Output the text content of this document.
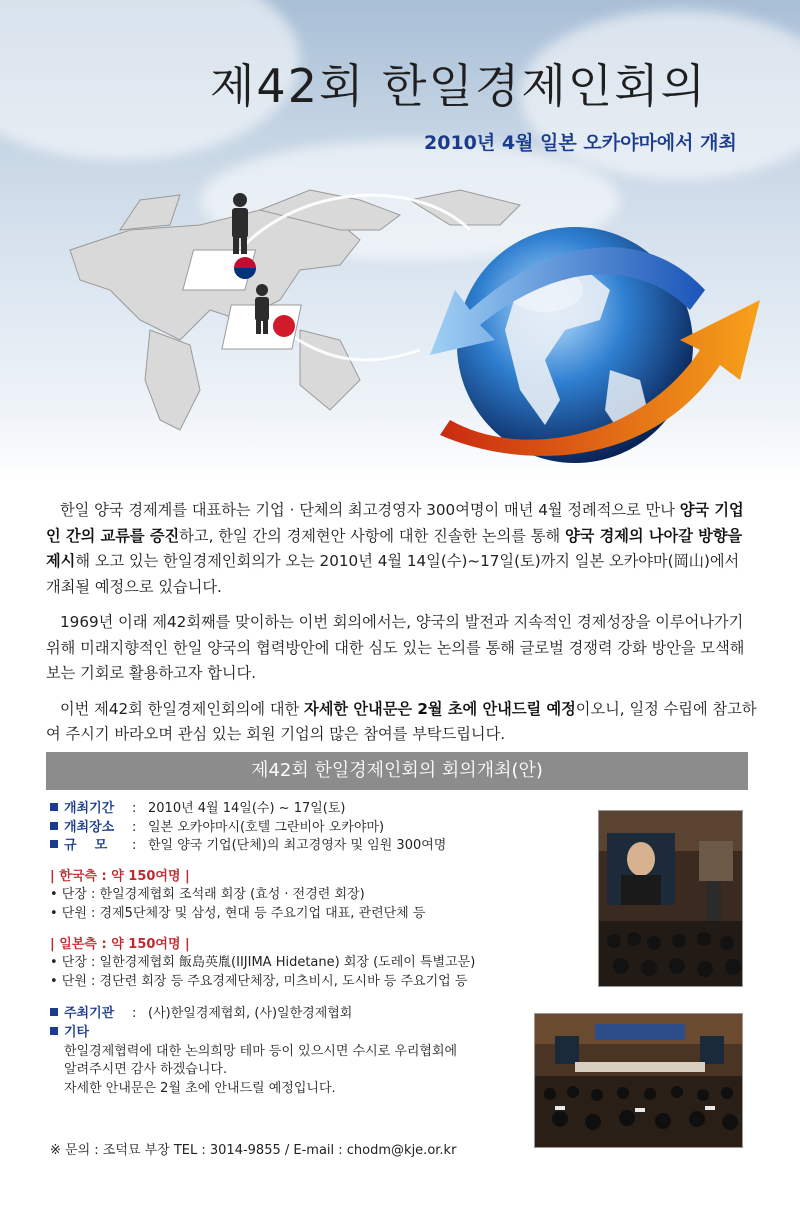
제42회 한일경제인회의
2010년 4월 일본 오카야마에서 개최

한일 양국 경제계를 대표하는 기업 · 단체의 최고경영자 300여명이 매년 4월 정례적으로 만나 양국 기업인 간의 교류를 증진하고, 한일 간의 경제현안 사항에 대한 진솔한 논의를 통해 양국 경제의 나아갈 방향을 제시해 오고 있는 한일경제인회의가 오는 2010년 4월 14일(수)~17일(토)까지 일본 오카야마(岡山)에서 개최될 예정으로 있습니다.

1969년 이래 제42회째를 맞이하는 이번 회의에서는, 양국의 발전과 지속적인 경제성장을 이루어나가기 위해 미래지향적인 한일 양국의 협력방안에 대한 심도 있는 논의를 통해 글로벌 경쟁력 강화 방안을 모색해 보는 기회로 활용하고자 합니다.

이번 제42회 한일경제인회의에 대한 자세한 안내문은 2월 초에 안내드릴 예정이오니, 일정 수립에 참고하여 주시기 바라오며 관심 있는 회원 기업의 많은 참여를 부탁드립니다.

제42회 한일경제인회의 회의개최(안)
개최기간 : 2010년 4월 14일(수) ~ 17일(토)
개최장소 : 일본 오카야마시(호텔 그란비아 오카야마)
규    모 : 한일 양국 기업(단체)의 최고경영자 및 임원 300여명
| 한국측 : 약 150여명 |
• 단장 : 한일경제협회 조석래 회장 (효성 · 전경련 회장)
• 단원 : 경제5단체장 및 삼성, 현대 등 주요기업 대표, 관련단체 등
| 일본측 : 약 150여명 |
• 단장 : 일한경제협회 飯島英胤(IIJIMA Hidetane) 회장 (도레이 특별고문)
• 단원 : 경단련 회장 등 주요경제단체장, 미츠비시, 도시바 등 주요기업 등
주최기관 : (사)한일경제협회, (사)일한경제협회
기타
한일경제협력에 대한 논의희망 테마 등이 있으시면 수시로 우리협회에
알려주시면 감사 하겠습니다.
자세한 안내문은 2월 초에 안내드릴 예정입니다.
※ 문의 : 조덕묘 부장 TEL : 3014-9855 / E-mail : chodm@kje.or.kr
